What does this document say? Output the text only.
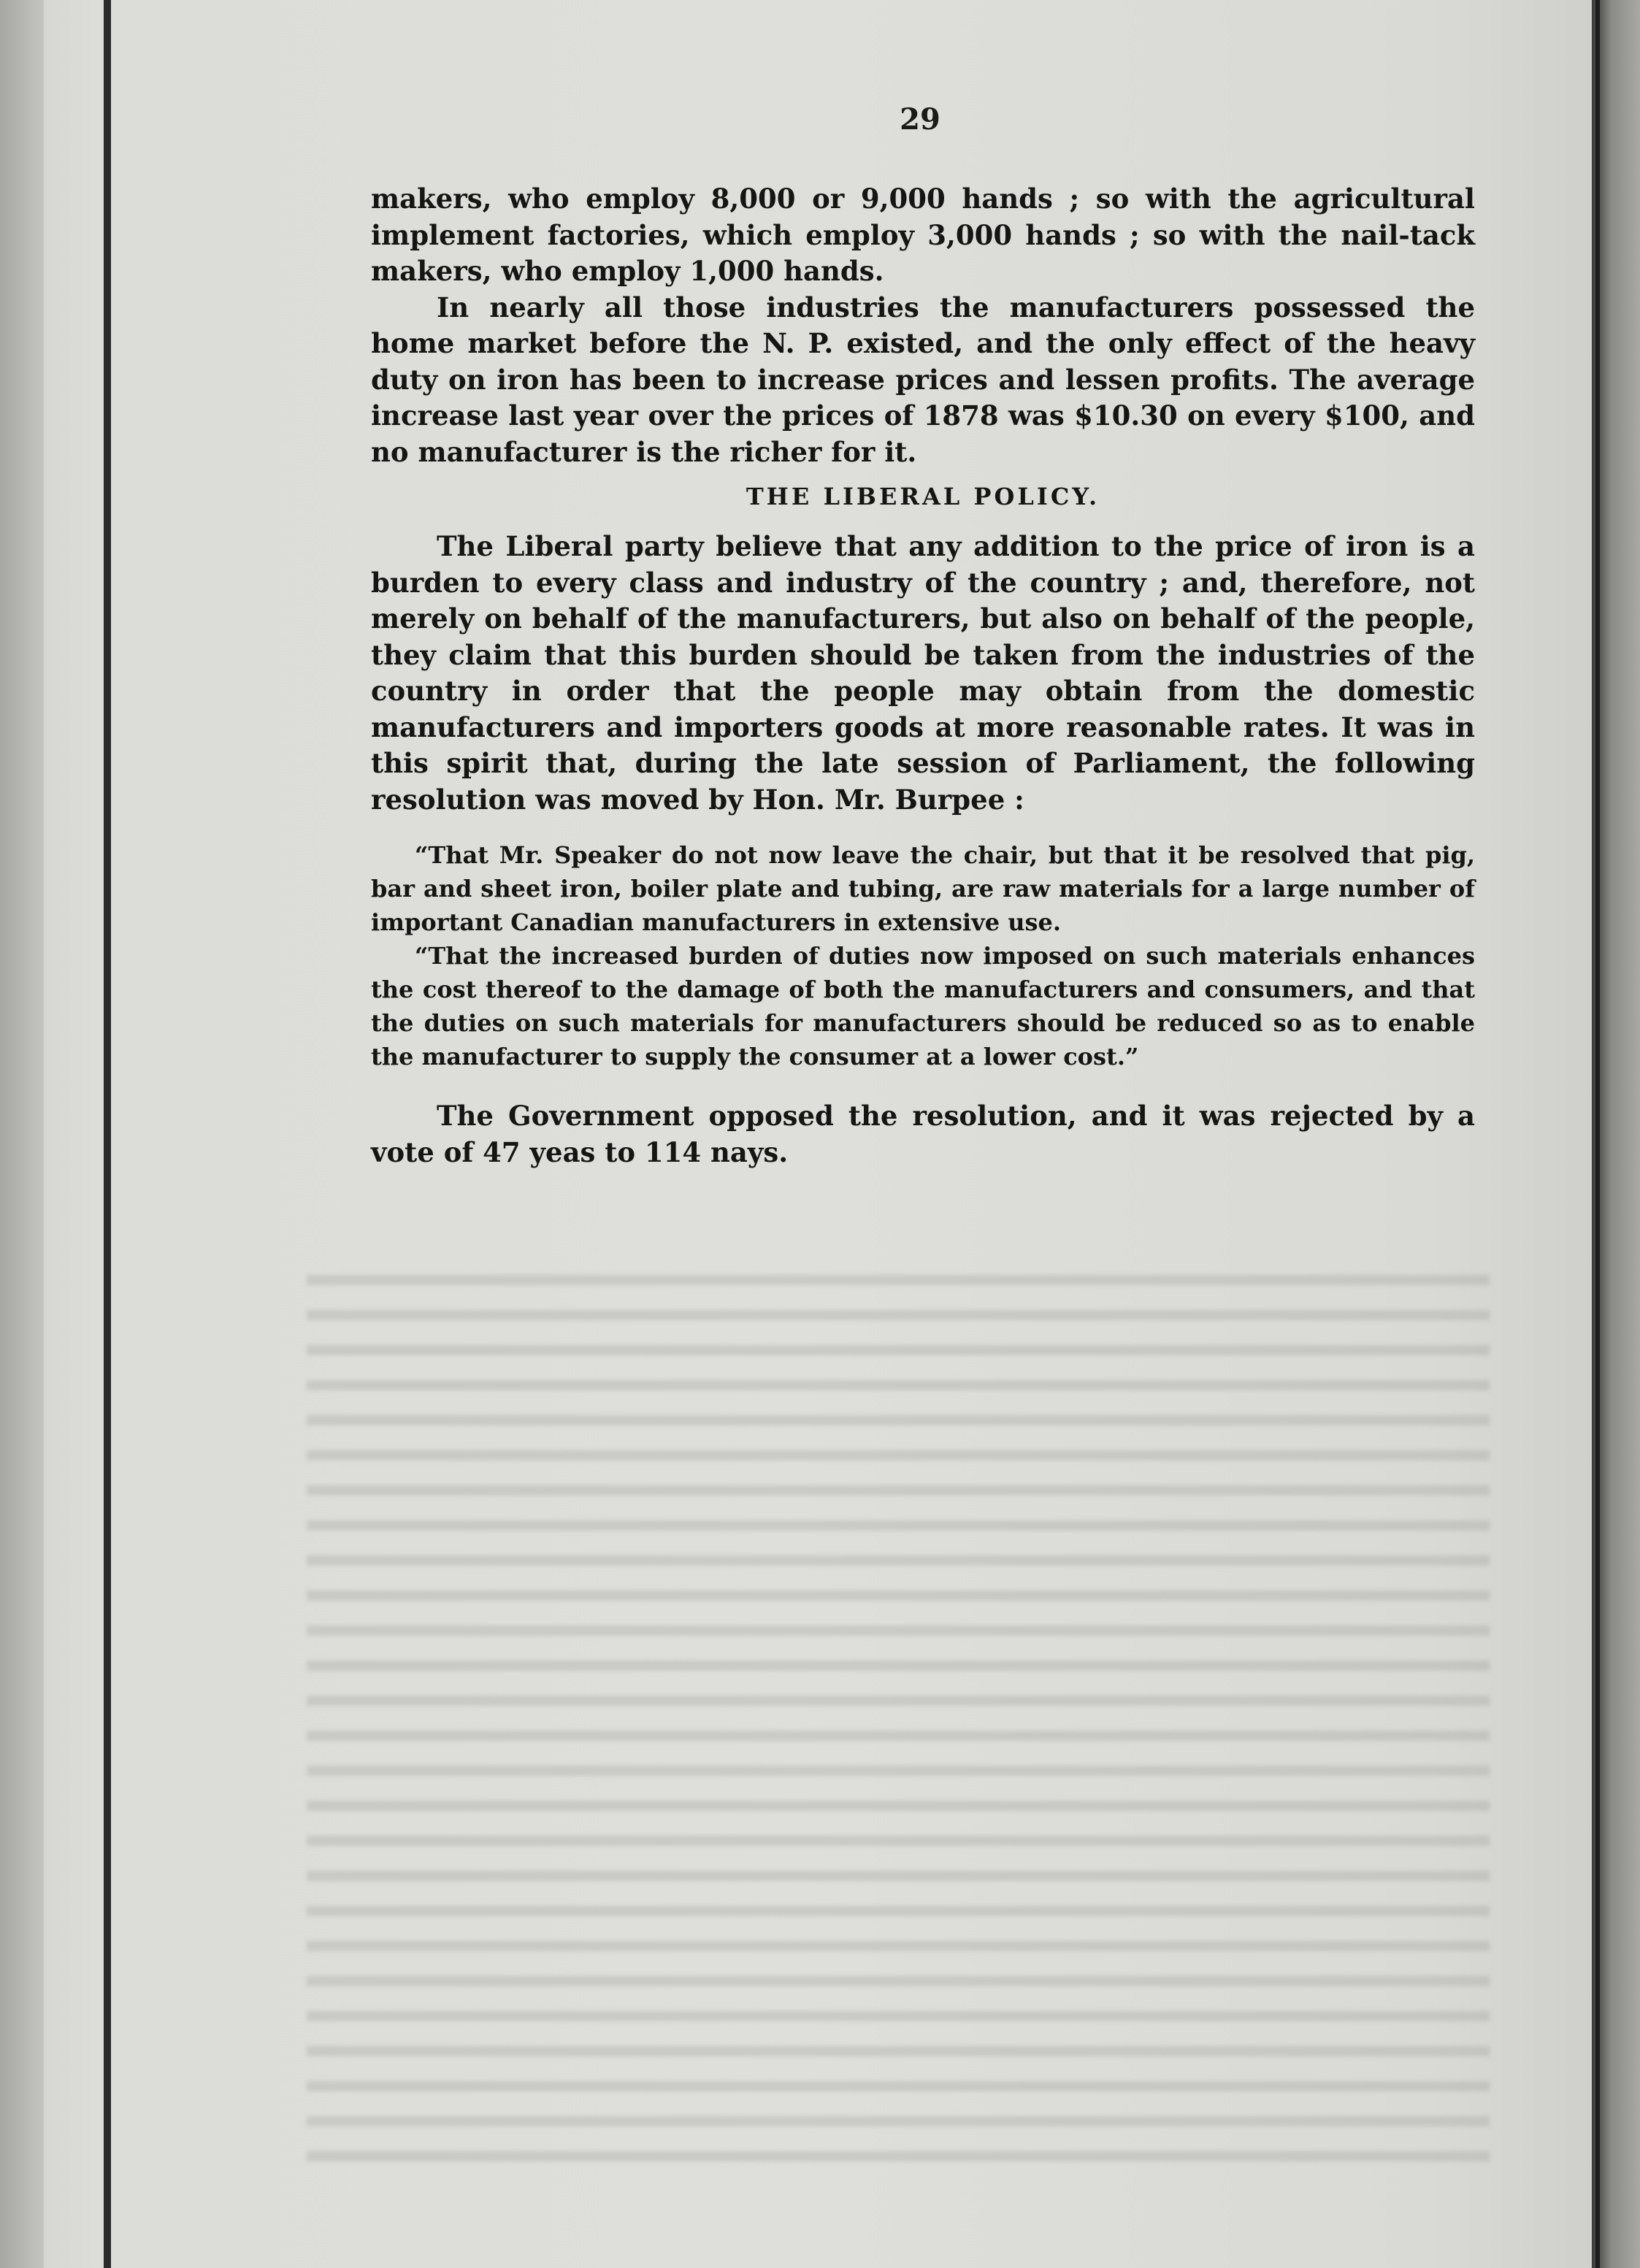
29

makers, who employ 8,000 or 9,000 hands ; so with the agricultural implement factories, which employ 3,000 hands ; so with the nail-tack makers, who employ 1,000 hands.

In nearly all those industries the manufacturers possessed the home market before the N. P. existed, and the only effect of the heavy duty on iron has been to increase prices and lessen profits. The average increase last year over the prices of 1878 was $10.30 on every $100, and no manufacturer is the richer for it.

THE LIBERAL POLICY.

The Liberal party believe that any addition to the price of iron is a burden to every class and industry of the country ; and, therefore, not merely on behalf of the manufacturers, but also on behalf of the people, they claim that this burden should be taken from the industries of the country in order that the people may obtain from the domestic manufacturers and importers goods at more reasonable rates. It was in this spirit that, during the late session of Parliament, the following resolution was moved by Hon. Mr. Burpee :

“That Mr. Speaker do not now leave the chair, but that it be resolved that pig, bar and sheet iron, boiler plate and tubing, are raw materials for a large number of important Canadian manufacturers in extensive use.

“That the increased burden of duties now imposed on such materials enhances the cost thereof to the damage of both the manufacturers and consumers, and that the duties on such materials for manufacturers should be reduced so as to enable the manufacturer to supply the consumer at a lower cost.”

The Government opposed the resolution, and it was rejected by a vote of 47 yeas to 114 nays.
